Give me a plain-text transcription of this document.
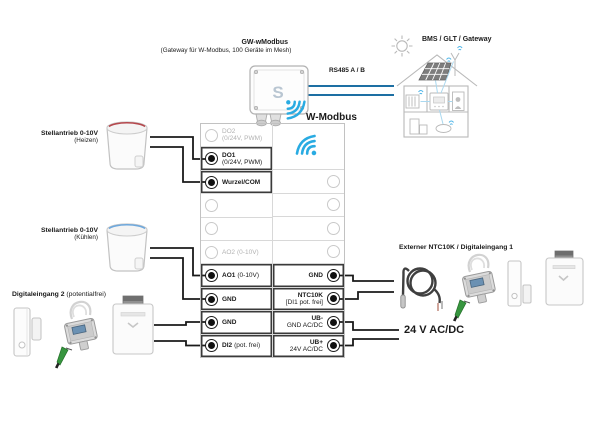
S
DO2
(0/24V, PWM)
DO1
(0/24V, PWM)
Wurzel/COM
AO2 (0-10V)
AO1 (0-10V)
GND
GND
DI2 (pot. frei)
GND
NTC10K
[DI1 pot. frei]
UB-
GND AC/DC
UB+
24V AC/DC
GW-wModbus
(Gateway für W-Modbus, 100 Geräte im Mesh)
RS485 A / B
BMS / GLT / Gateway
W-Modbus
Stellantrieb 0-10V
(Heizen)
Stellantrieb 0-10V
(Kühlen)
Digitaleingang 2 (potentialfrei)
Externer NTC10K / Digitaleingang 1
24 V AC/DC
